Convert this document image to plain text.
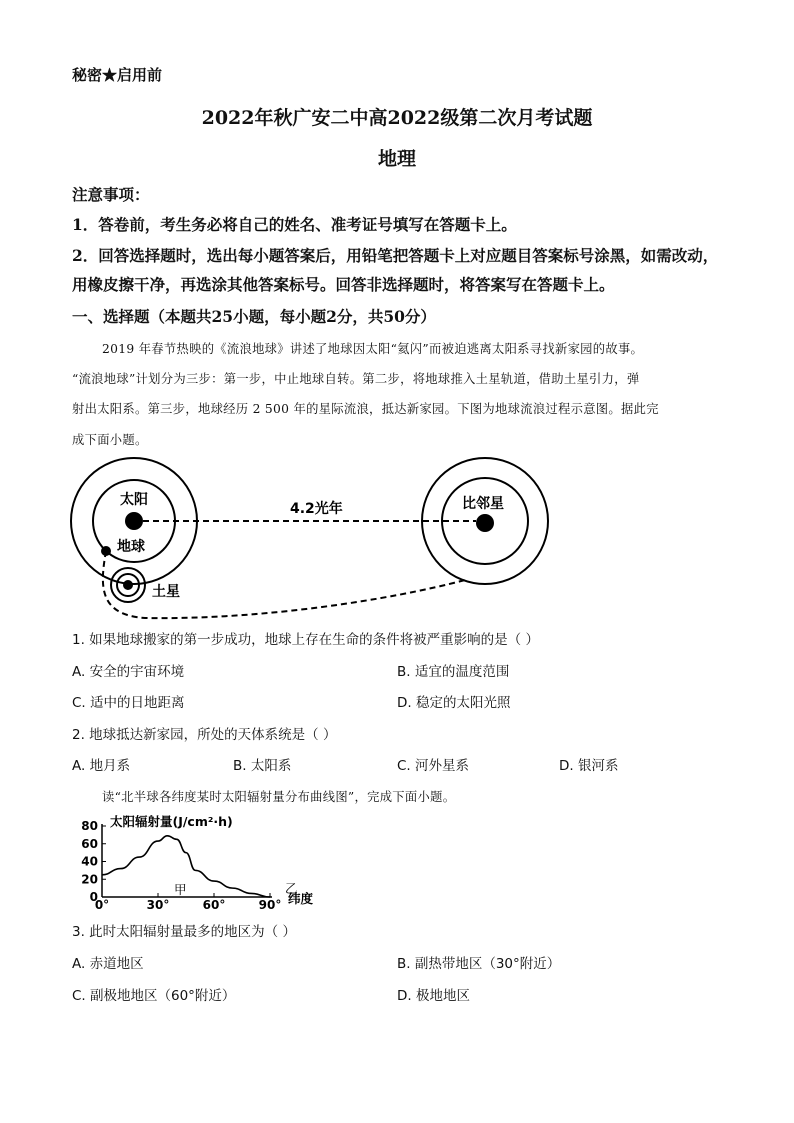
秘密★启用前
2022年秋广安二中高2022级第二次月考试题
地理
注意事项：
1．答卷前，考生务必将自己的姓名、准考证号填写在答题卡上。
2．回答选择题时，选出每小题答案后，用铅笔把答题卡上对应题目答案标号涂黑，如需改动，
用橡皮擦干净，再选涂其他答案标号。回答非选择题时，将答案写在答题卡上。
一、选择题（本题共25小题，每小题2分，共50分）
2019 年春节热映的《流浪地球》讲述了地球因太阳“氦闪”而被迫逃离太阳系寻找新家园的故事。
“流浪地球”计划分为三步：第一步，中止地球自转。第二步，将地球推入土星轨道，借助土星引力，弹
射出太阳系。第三步，地球经历 2 500 年的星际流浪，抵达新家园。下图为地球流浪过程示意图。据此完
成下面小题。
太阳
地球
土星
比邻星
4.2光年
1. 如果地球搬家的第一步成功，地球上存在生命的条件将被严重影响的是（ ）
A. 安全的宇宙环境	B. 适宜的温度范围
C. 适中的日地距离	D. 稳定的太阳光照
2. 地球抵达新家园，所处的天体系统是（ ）
A. 地月系	B. 太阳系	C. 河外星系	D. 银河系
读“北半球各纬度某时太阳辐射量分布曲线图”，完成下面小题。
太阳辐射量(J/cm²·h)
纬度
甲	乙
0
20
40
60
80
0°	30°	60°	90°
3. 此时太阳辐射量最多的地区为（ ）
A. 赤道地区	B. 副热带地区（30°附近）
C. 副极地地区（60°附近）	D. 极地地区
